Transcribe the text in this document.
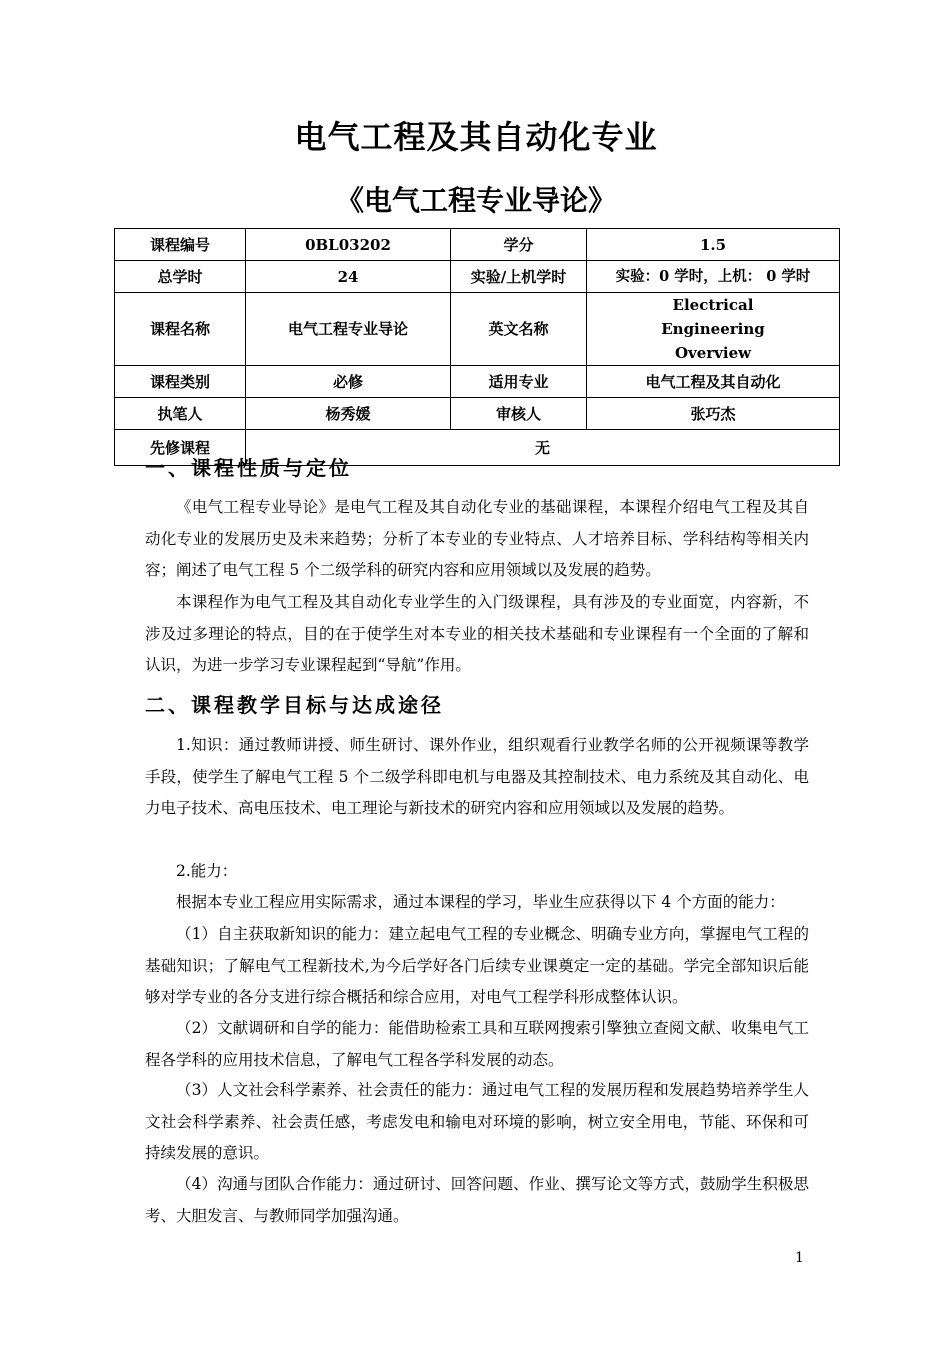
电气工程及其自动化专业
《电气工程专业导论》
课程编号	0BL03202	学分	1.5
总学时	24	实验/上机学时	实验：0 学时，上机： 0 学时
课程名称	电气工程专业导论	英文名称	Electrical Engineering Overview
课程类别	必修	适用专业	电气工程及其自动化
执笔人	杨秀媛	审核人	张巧杰
先修课程	无		
一、课程性质与定位

《电气工程专业导论》是电气工程及其自动化专业的基础课程，本课程介绍电气工程及其自动化专业的发展历史及未来趋势；分析了本专业的专业特点、人才培养目标、学科结构等相关内容；阐述了电气工程 5 个二级学科的研究内容和应用领域以及发展的趋势。

本课程作为电气工程及其自动化专业学生的入门级课程，具有涉及的专业面宽，内容新，不涉及过多理论的特点，目的在于使学生对本专业的相关技术基础和专业课程有一个全面的了解和认识，为进一步学习专业课程起到“导航”作用。

二、课程教学目标与达成途径

1.知识：通过教师讲授、师生研讨、课外作业，组织观看行业教学名师的公开视频课等教学手段，使学生了解电气工程 5 个二级学科即电机与电器及其控制技术、电力系统及其自动化、电力电子技术、高电压技术、电工理论与新技术的研究内容和应用领域以及发展的趋势。

2.能力：

根据本专业工程应用实际需求，通过本课程的学习，毕业生应获得以下 4 个方面的能力：

（1）自主获取新知识的能力：建立起电气工程的专业概念、明确专业方向，掌握电气工程的基础知识；了解电气工程新技术,为今后学好各门后续专业课奠定一定的基础。学完全部知识后能够对学专业的各分支进行综合概括和综合应用，对电气工程学科形成整体认识。

（2）文献调研和自学的能力：能借助检索工具和互联网搜索引擎独立查阅文献、收集电气工程各学科的应用技术信息，了解电气工程各学科发展的动态。

（3）人文社会科学素养、社会责任的能力：通过电气工程的发展历程和发展趋势培养学生人文社会科学素养、社会责任感，考虑发电和输电对环境的影响，树立安全用电，节能、环保和可持续发展的意识。

（4）沟通与团队合作能力：通过研讨、回答问题、作业、撰写论文等方式，鼓励学生积极思考、大胆发言、与教师同学加强沟通。

1
